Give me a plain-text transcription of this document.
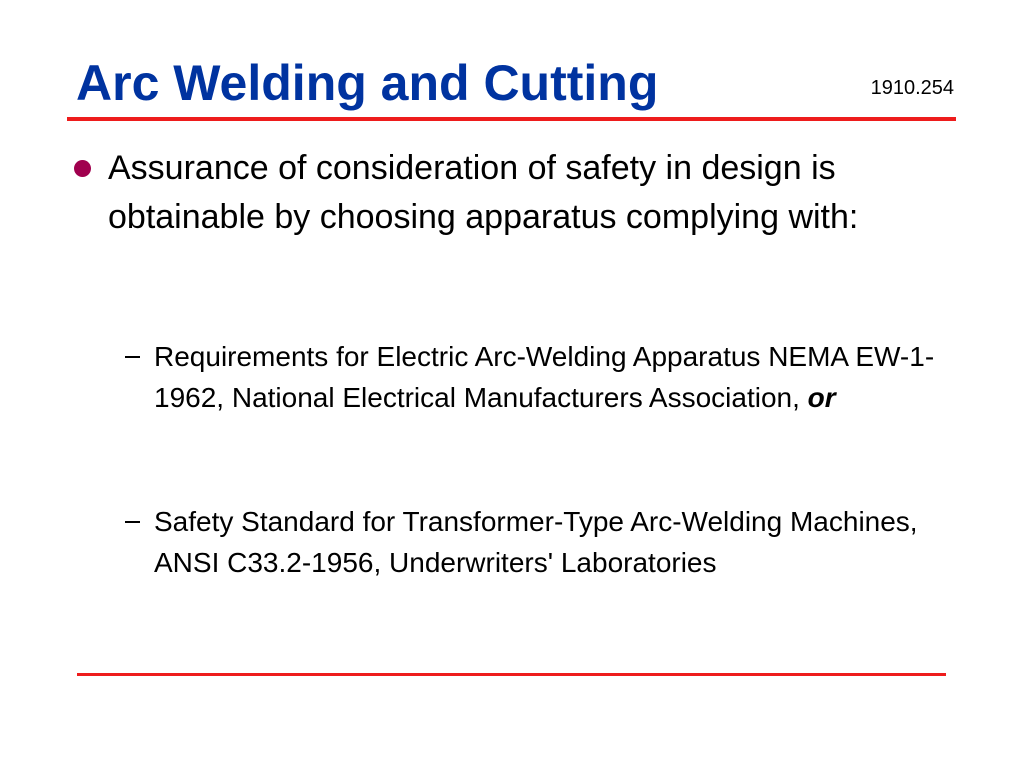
Arc Welding and Cutting	1910.254

Assurance of consideration of safety in design is obtainable by choosing apparatus complying with:

Requirements for Electric Arc-Welding Apparatus NEMA EW-1-1962, National Electrical Manufacturers Association, or

Safety Standard for Transformer-Type Arc-Welding Machines, ANSI C33.2-1956, Underwriters' Laboratories
